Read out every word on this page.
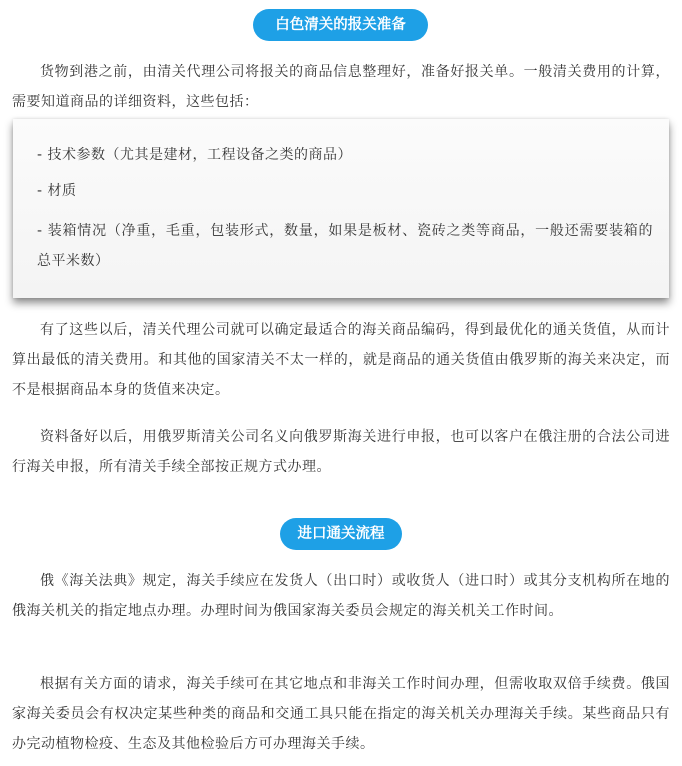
白色清关的报关准备

货物到港之前，由清关代理公司将报关的商品信息整理好，准备好报关单。一般清关费用的计算，需要知道商品的详细资料，这些包括：

- 技术参数（尤其是建材，工程设备之类的商品）

- 材质

- 装箱情况（净重，毛重，包装形式，数量，如果是板材、瓷砖之类等商品，一般还需要装箱的总平米数）

有了这些以后，清关代理公司就可以确定最适合的海关商品编码，得到最优化的通关货值，从而计算出最低的清关费用。和其他的国家清关不太一样的，就是商品的通关货值由俄罗斯的海关来决定，而不是根据商品本身的货值来决定。

资料备好以后，用俄罗斯清关公司名义向俄罗斯海关进行申报，也可以客户在俄注册的合法公司进行海关申报，所有清关手续全部按正规方式办理。

进口通关流程

俄《海关法典》规定，海关手续应在发货人（出口时）或收货人（进口时）或其分支机构所在地的俄海关机关的指定地点办理。办理时间为俄国家海关委员会规定的海关机关工作时间。

根据有关方面的请求，海关手续可在其它地点和非海关工作时间办理，但需收取双倍手续费。俄国家海关委员会有权决定某些种类的商品和交通工具只能在指定的海关机关办理海关手续。某些商品只有办完动植物检疫、生态及其他检验后方可办理海关手续。
